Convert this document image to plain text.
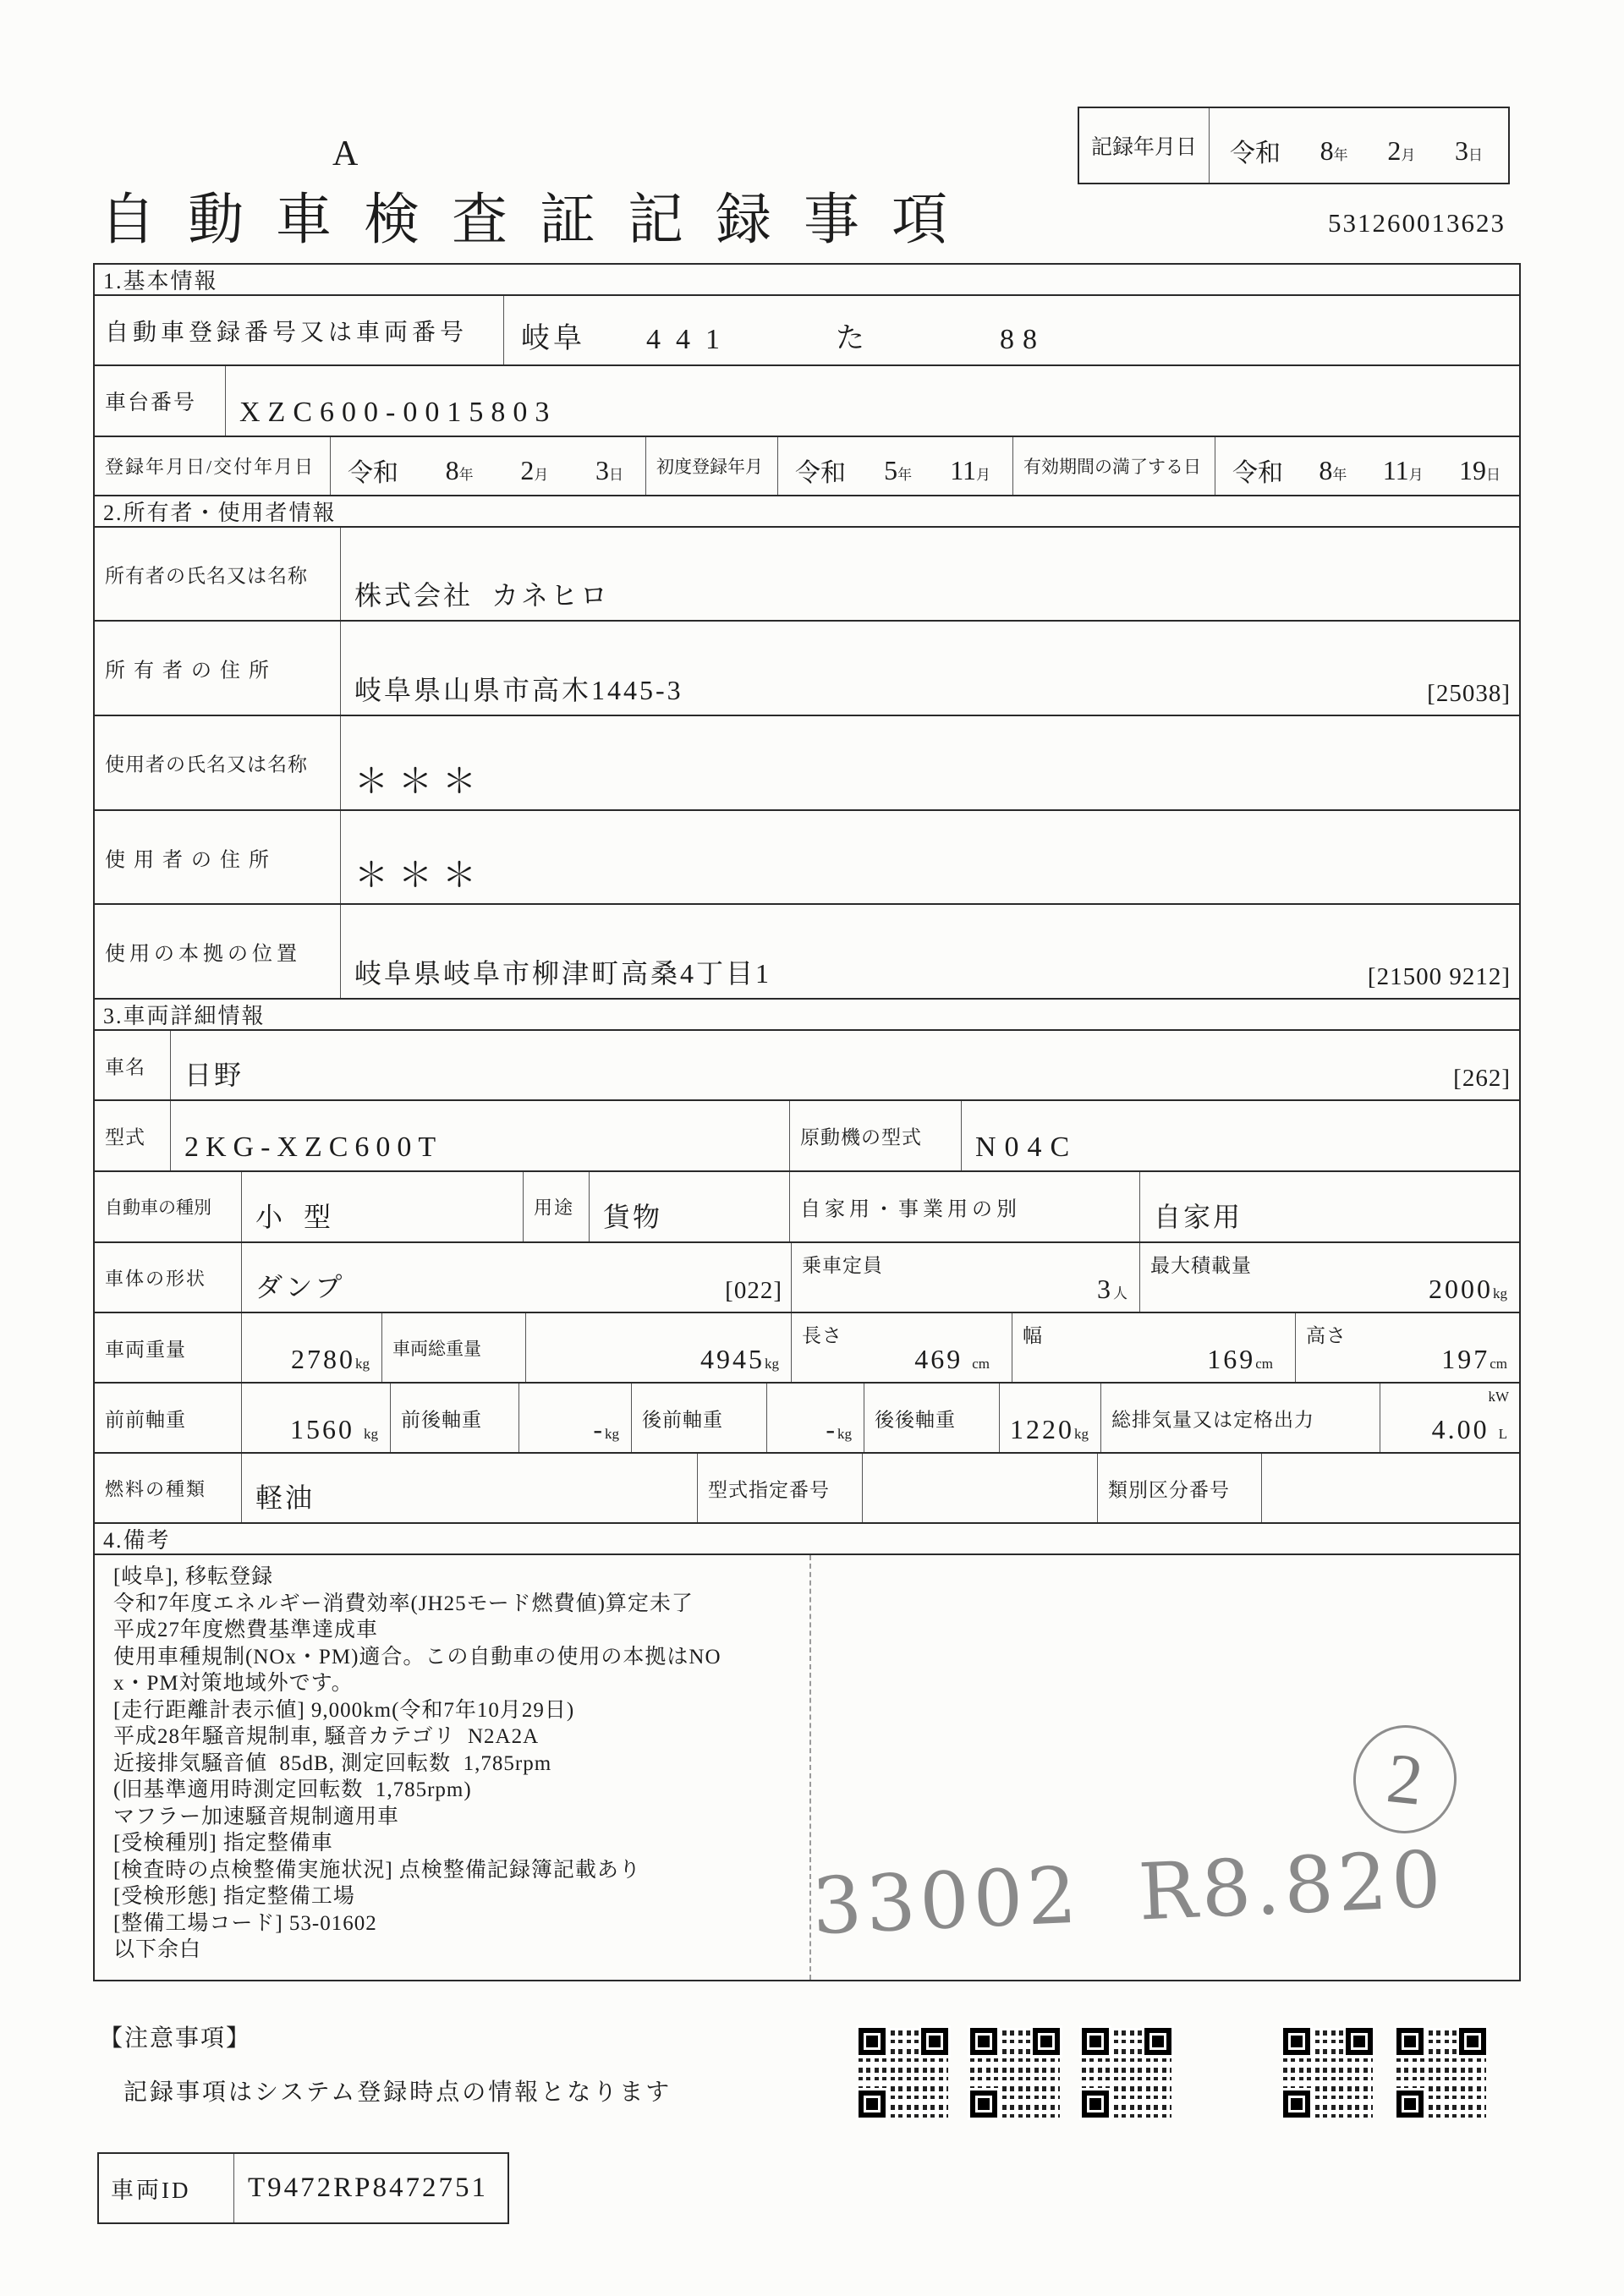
A
自動車検査証記録事項	531260013623
記録年月日	令和 8年 2月 3日
1.基本情報
自動車登録番号又は車両番号 岐阜 441	た	88
車台番号 XZC600-0015803
登録年月日/交付年月日 令和 8年 2月 3日 初度登録年月 令和 5年 11月 有効期間の満了する日 令和 8年 11月 19日
2.所有者・使用者情報
所有者の氏名又は名称
株式会社  カネヒロ
所 有 者 の 住 所
岐阜県山県市高木1445-3	[25038]
使用者の氏名又は名称 ＊＊＊
使 用 者 の 住 所 ＊＊＊
使用の本拠の位置
岐阜県岐阜市柳津町高桑4丁目1	[21500 9212]
3.車両詳細情報
車名 日野	[262]
型式 2KG-XZC600T	原動機の型式 N04C
自動車の種別 小  型	用途 貨物	自家用・事業用の別	自家用
車体の形状 ダンプ	[022]
乗車定員
3人
最大積載量
2000kg
車両重量	2780kg
車両総重量	4945kg
長さ
469 cm
幅
169cm
高さ
197cm
前前軸重	1560 kg
前後軸重	-kg
後前軸重	-kg
後後軸重 1220kg
総排気量又は定格出力
kW
4.00 L
燃料の種類 軽油	型式指定番号	類別区分番号
4.備考
[岐阜], 移転登録
令和7年度エネルギー消費効率(JH25モード燃費値)算定未了
平成27年度燃費基準達成車
使用車種規制(NOx・PM)適合。この自動車の使用の本拠はNO
x・PM対策地域外です。
[走行距離計表示値] 9,000km(令和7年10月29日)
平成28年騒音規制車, 騒音カテゴリ  N2A2A
近接排気騒音値  85dB, 測定回転数  1,785rpm
(旧基準適用時測定回転数  1,785rpm)
マフラー加速騒音規制適用車
[受検種別] 指定整備車
[検査時の点検整備実施状況] 点検整備記録簿記載あり
[受検形態] 指定整備工場
[整備工場コード] 53-01602
以下余白
2
33002  R8.820
【注意事項】
記録事項はシステム登録時点の情報となります
車両ID	T9472RP8472751
